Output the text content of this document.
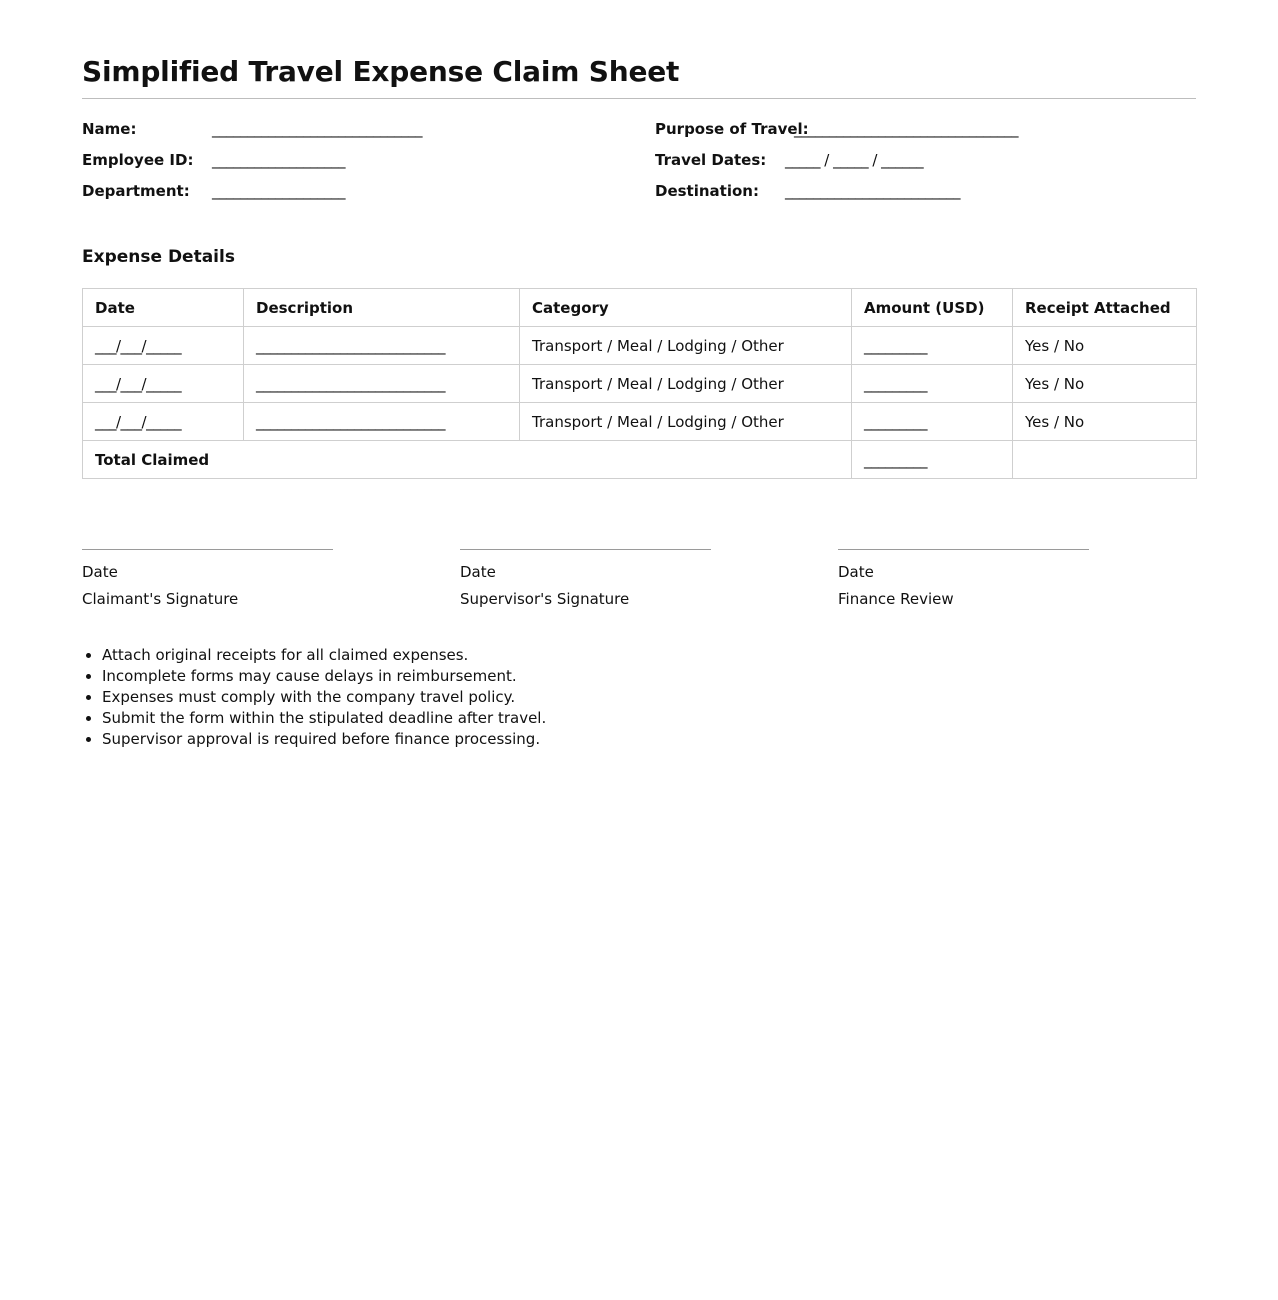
Simplified Travel Expense Claim Sheet
Name:	______________________________
Employee ID: ___________________
Department: ___________________
Purpose of Travel:
________________________________
Travel Dates: _____ / _____ / ______
Destination: _________________________
Expense Details
Date	Description	Category	Amount (USD)	Receipt Attached
___/___/_____	___________________________	Transport / Meal / Lodging / Other	_________	Yes / No
___/___/_____	___________________________	Transport / Meal / Lodging / Other	_________	Yes / No
___/___/_____	___________________________	Transport / Meal / Lodging / Other	_________	Yes / No
Total Claimed			_________	
Date
Claimant's Signature
Date
Supervisor's Signature
Date
Finance Review
• Attach original receipts for all claimed expenses.
• Incomplete forms may cause delays in reimbursement.
• Expenses must comply with the company travel policy.
• Submit the form within the stipulated deadline after travel.
• Supervisor approval is required before finance processing.
